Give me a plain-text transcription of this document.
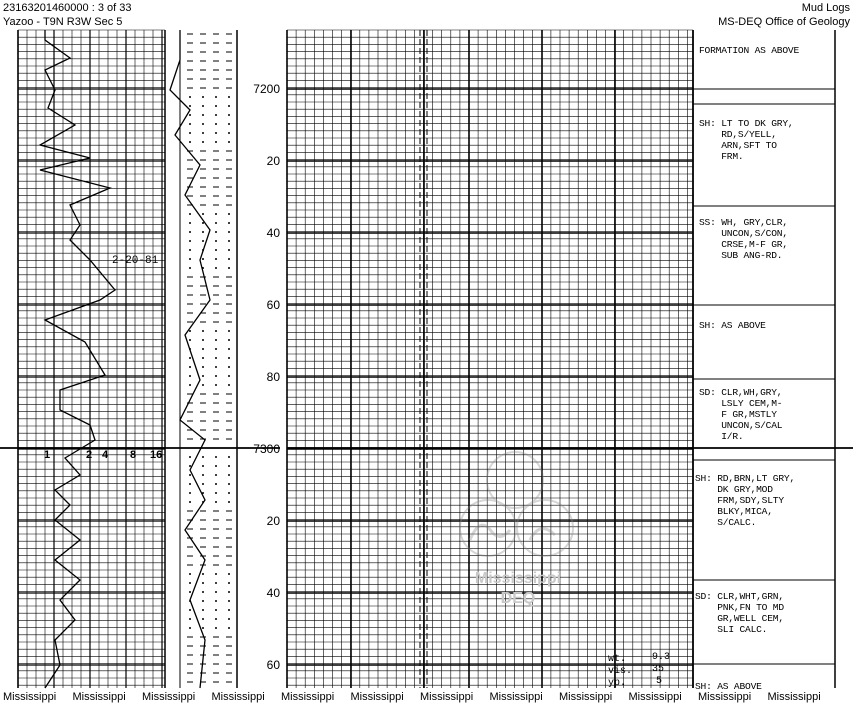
23163201460000 : 3 of 33
Yazoo - T9N R3W Sec 5
Mud Logs
MS-DEQ Office of Geology
Mississippi
DEQ
7200
20
40
60
80
7300
20
40
60
2-20-81
1	2 4 8 16
FORMATION AS ABOVE
SH: LT TO DK GRY,
RD,S/YELL,
ARN,SFT TO
FRM.
SS: WH, GRY,CLR,
UNCON,S/CON,
CRSE,M-F GR,
SUB ANG-RD.
SH: AS ABOVE
SD: CLR,WH,GRY,
LSLY CEM,M-
F GR,MSTLY
UNCON,S/CAL
I/R.
SH: RD,BRN,LT GRY,
DK GRY,MOD
FRM,SDY,SLTY
BLKY,MICA,
S/CALC.
SD: CLR,WHT,GRN,
PNK,FN TO MD
GR,WELL CEM,
SLI CALC.
SH: AS ABOVE
wt.	9.3
vis. 35
yp.	5
Mississippi Mississippi Mississippi Mississippi Mississippi Mississippi Mississippi Mississippi Mississippi Mississippi Mississippi Mississippi
